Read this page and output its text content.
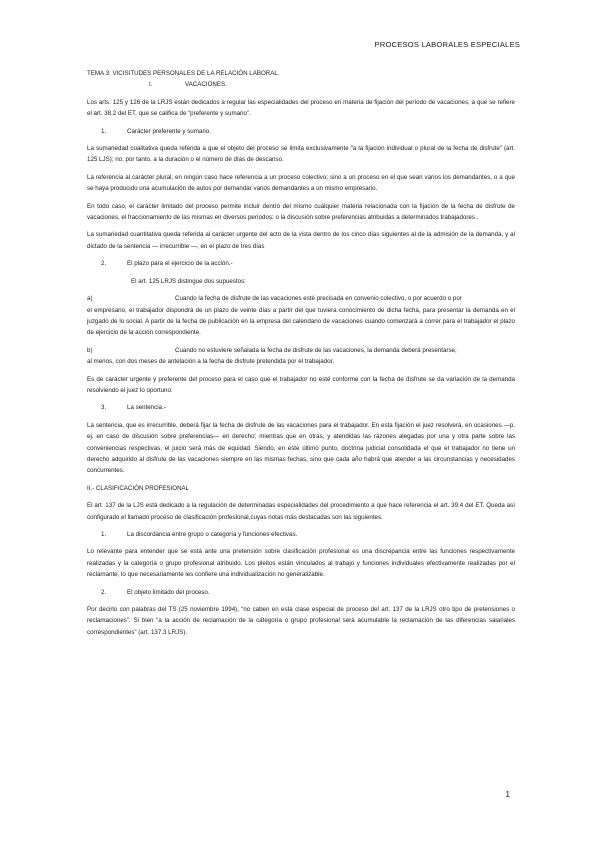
PROCESOS LABORALES ESPECIALES

TEMA 3: VICISITUDES PERSONALES DE LA RELACIÓN LABORAL.

I.	VACACIONES.

Los arts. 125 y 126 de la LRJS están dedicados a regular las especialidades del proceso en materia de fijación del período de vacaciones, a que se refiere el art. 38.2 del ET, que se califica de “preferente y sumario”.

1.	Carácter preferente y sumario.

La sumariedad cualitativa queda referida a que el objeto del proceso se limita exclusivamente “a la fijación individual o plural de la fecha de disfrute” (art. 125 LJS); no, por tanto, a la duración o el número de días de descanso.

La referencia al carácter plural, en ningún caso hace referencia a un proceso colectivo; sino a un proceso en el que sean varios los demandantes, o a que se haya producido una acumulación de autos por demandar varios demandantes a un mismo empresario.

En todo caso, el carácter limitado del proceso permite incluir dentro del mismo cualquier materia relacionada con la fijación de la fecha de disfrute de vacaciones, el fraccionamiento de las mismas en diversos períodos; o la discusión sobre preferencias atribuidas a determinados trabajadores .

La sumariedad cuantitativa queda referida al carácter urgente del acto de la vista dentro de los cinco días siguientes al de la admisión de la demanda, y al dictado de la sentencia — irrecurrible —, en el plazo de tres días

2.	El plazo para el ejercicio de la acción.-

El art. 125 LRJS distingue dos supuestos:

a)	Cuando la fecha de disfrute de las vacaciones esté precisada en convenio colectivo, o por acuerdo o por

el empresario, el trabajador dispondrá de un plazo de veinte días a partir del que tuviera conocimiento de dicha fecha, para presentar la demanda en el juzgado de lo social. A partir de la fecha de publicación en la empresa del calendario de vacaciones cuando comenzará a correr para el trabajador el plazo de ejercicio de la acción correspondiente.

b)	Cuando no estuviere señalada la fecha de disfrute de las vacaciones, la demanda deberá presentarse,

al menos, con dos meses de antelación a la fecha de disfrute pretendida por el trabajador.

Es de carácter urgente y preferente del proceso para el caso que el trabajador no esté conforme con la fecha de disfrute se da variación de la demanda resolviendo el juez lo oportuno.

3.	La sentencia.-

La sentencia, que es irrecurrible, deberá fijar la fecha de disfrute de las vacaciones para el trabajador. En esta fijación el juez resolverá, en ocasiones —p. ej. en caso de discusión sobre preferencias— en derecho; mientras que en otras, y atendidas las razones alegadas por una y otra parte sobre las conveniencias respectivas, el juicio será más de equidad. Siendo, en este último punto, doctrina judicial consolidada el que el trabajador no tiene un derecho adquirido al disfrute de las vacaciones siempre en las mismas fechas, sino que cada año habrá que atender a las circunstancias y necesidades concurrentes.

II.- CLASIFICACIÓN PROFESIONAL

El art. 137 de la LJS está dedicado a la regulación de determinadas especialidades del procedimiento a que hace referencia el art. 39.4 del ET. Queda así configurado el llamado proceso de clasificación profesional,cuyas notas más destacadas son las siguientes.

1.	La discordancia entre grupo o categoría y funciones efectivas.

Lo relevante para entender que se está ante una pretensión sobre clasificación profesional es una discrepancia entre las funciones respectivamente realizadas y la categoría o grupo profesional atribuido. Los pleitos están vinculados al trabajo y funciones individuales efectivamente realizadas por el reclamante, lo que necesariamente les confiere una individualización no generalizable.

2.	El objeto limitado del proceso.

Por decirlo con palabras del TS (25 noviembre 1994), “no caben en esta clase especial de proceso del art. 137 de la LRJS otro tipo de pretensiones o reclamaciones”. Si bien “a la acción de reclamación de la categoría o grupo profesional será acumulable la reclamación de las diferencias salariales correspondientes” (art. 137.3 LRJS).

1
